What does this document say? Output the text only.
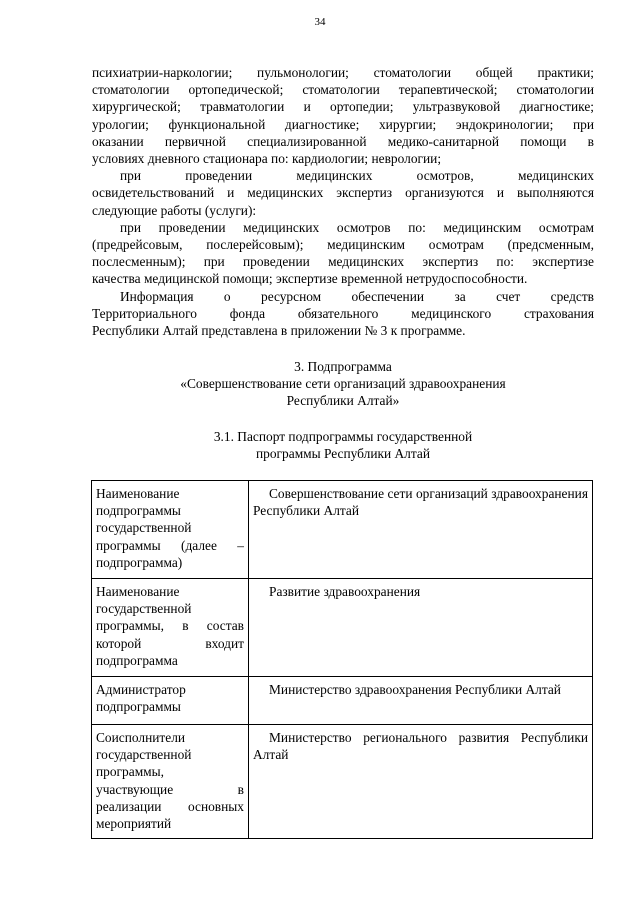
34

психиатрии-наркологии; пульмонологии; стоматологии общей практики;

стоматологии ортопедической; стоматологии терапевтической; стоматологии

хирургической; травматологии и ортопедии; ультразвуковой диагностике;

урологии; функциональной диагностике; хирургии; эндокринологии; при

оказании первичной специализированной медико-санитарной помощи в

условиях дневного стационара по: кардиологии; неврологии;

при проведении медицинских осмотров, медицинских

освидетельствований и медицинских экспертиз организуются и выполняются

следующие работы (услуги):

при проведении медицинских осмотров по: медицинским осмотрам

(предрейсовым, послерейсовым); медицинским осмотрам (предсменным,

послесменным); при проведении медицинских экспертиз по: экспертизе

качества медицинской помощи; экспертизе временной нетрудоспособности.

Информация о ресурсном обеспечении за счет средств

Территориального фонда обязательного медицинского страхования

Республики Алтай представлена в приложении № 3 к программе.

3. Подпрограмма
«Совершенствование сети организаций здравоохранения
Республики Алтай»
3.1. Паспорт подпрограммы государственной
программы Республики Алтай
Наименование подпрограммы государственной программы (далее – подпрограмма)	Совершенствование сети организаций здравоохранения Республики Алтай
Наименование государственной программы, в состав которой входит подпрограмма	Развитие здравоохранения
Администратор подпрограммы	Министерство здравоохранения Республики Алтай
Соисполнители государственной программы, участвующие в реализации основных мероприятий	Министерство регионального развития Республики Алтай
